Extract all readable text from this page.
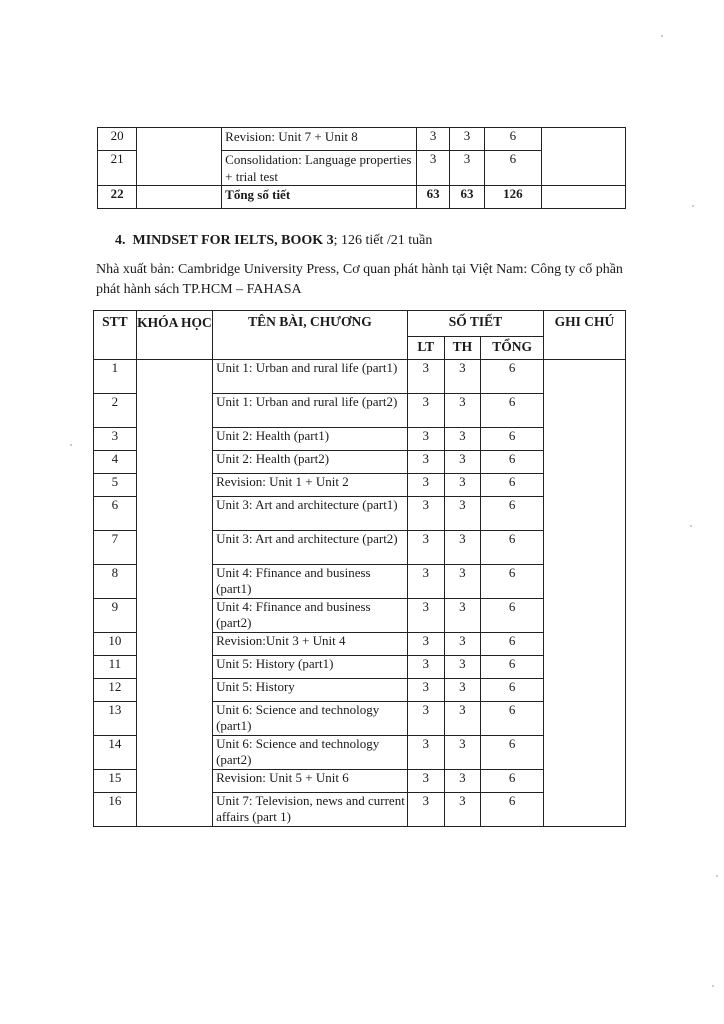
20		Revision: Unit 7 + Unit 8	3	3	6	
21		Consolidation: Language properties + trial test	3	3	6	
22		Tổng số tiết	63	63	126	

4. MINDSET FOR IELTS, BOOK 3; 126 tiết /21 tuần

Nhà xuất bản: Cambridge University Press, Cơ quan phát hành tại Việt Nam: Công ty cổ phần phát hành sách TP.HCM – FAHASA

STT	KHÓA HỌC	TÊN BÀI, CHƯƠNG	SỐ TIẾT			GHI CHÚ
			LT	TH	TỔNG	
1		Unit 1: Urban and rural life (part1)	3	3	6	
2		Unit 1: Urban and rural life (part2)	3	3	6	
3		Unit 2: Health (part1)	3	3	6	
4		Unit 2: Health (part2)	3	3	6	
5		Revision: Unit 1 + Unit 2	3	3	6	
6		Unit 3: Art and architecture (part1)	3	3	6	
7		Unit 3: Art and architecture (part2)	3	3	6	
8		Unit 4: Ffinance and business (part1)	3	3	6	
9		Unit 4: Ffinance and business (part2)	3	3	6	
10		Revision:Unit 3 + Unit 4	3	3	6	
11		Unit 5: History (part1)	3	3	6	
12		Unit 5: History	3	3	6	
13		Unit 6: Science and technology (part1)	3	3	6	
14		Unit 6: Science and technology (part2)	3	3	6	
15		Revision: Unit 5 + Unit 6	3	3	6	
16		Unit 7: Television, news and current affairs (part 1)	3	3	6	
